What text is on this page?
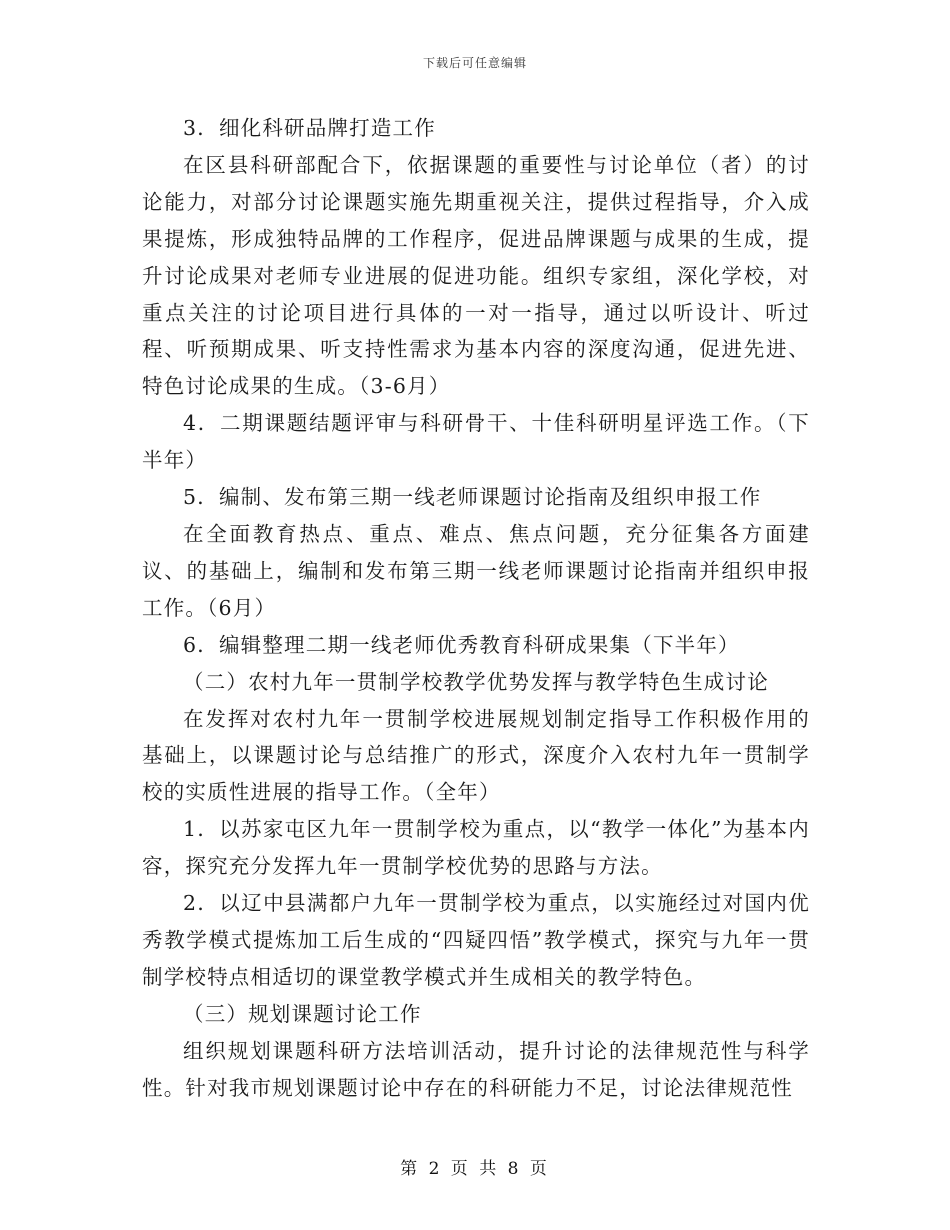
下载后可任意编辑

3．细化科研品牌打造工作

在区县科研部配合下，依据课题的重要性与讨论单位（者）的讨论能力，对部分讨论课题实施先期重视关注，提供过程指导，介入成果提炼，形成独特品牌的工作程序，促进品牌课题与成果的生成，提升讨论成果对老师专业进展的促进功能。组织专家组，深化学校，对重点关注的讨论项目进行具体的一对一指导，通过以听设计、听过程、听预期成果、听支持性需求为基本内容的深度沟通，促进先进、特色讨论成果的生成。（3-6月）

4．二期课题结题评审与科研骨干、十佳科研明星评选工作。（下半年）

5．编制、发布第三期一线老师课题讨论指南及组织申报工作

在全面教育热点、重点、难点、焦点问题，充分征集各方面建议、的基础上，编制和发布第三期一线老师课题讨论指南并组织申报工作。（6月）

6．编辑整理二期一线老师优秀教育科研成果集（下半年）

（二）农村九年一贯制学校教学优势发挥与教学特色生成讨论

在发挥对农村九年一贯制学校进展规划制定指导工作积极作用的基础上，以课题讨论与总结推广的形式，深度介入农村九年一贯制学校的实质性进展的指导工作。（全年）

1．以苏家屯区九年一贯制学校为重点，以“教学一体化”为基本内容，探究充分发挥九年一贯制学校优势的思路与方法。

2．以辽中县满都户九年一贯制学校为重点，以实施经过对国内优秀教学模式提炼加工后生成的“四疑四悟”教学模式，探究与九年一贯制学校特点相适切的课堂教学模式并生成相关的教学特色。

（三）规划课题讨论工作

组织规划课题科研方法培训活动，提升讨论的法律规范性与科学性。针对我市规划课题讨论中存在的科研能力不足，讨论法律规范性

第 2 页 共 8 页
